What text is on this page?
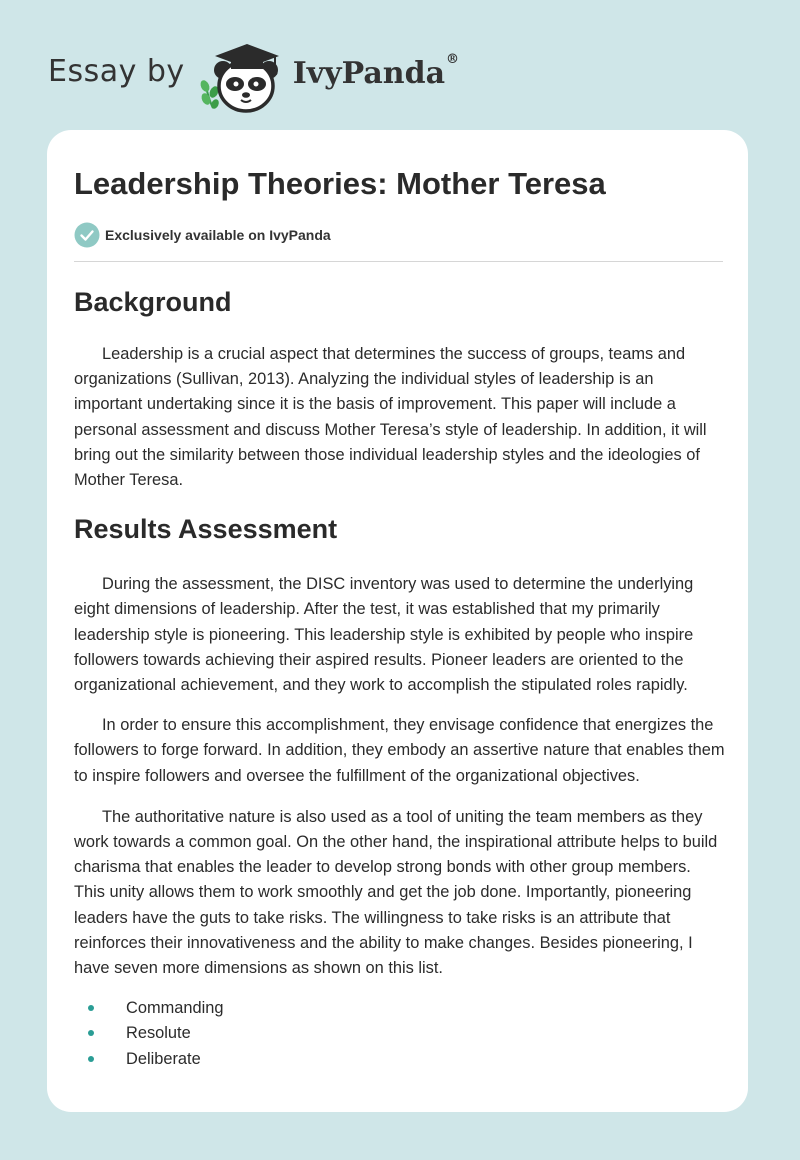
Essay by	IvyPanda®
Leadership Theories: Mother Teresa
Exclusively available on IvyPanda
Background

Leadership is a crucial aspect that determines the success of groups, teams and organizations (Sullivan, 2013). Analyzing the individual styles of leadership is an important undertaking since it is the basis of improvement. This paper will include a personal assessment and discuss Mother Teresa’s style of leadership. In addition, it will bring out the similarity between those individual leadership styles and the ideologies of Mother Teresa.

Results Assessment

During the assessment, the DISC inventory was used to determine the underlying eight dimensions of leadership. After the test, it was established that my primarily leadership style is pioneering. This leadership style is exhibited by people who inspire followers towards achieving their aspired results. Pioneer leaders are oriented to the organizational achievement, and they work to accomplish the stipulated roles rapidly.

In order to ensure this accomplishment, they envisage confidence that energizes the followers to forge forward. In addition, they embody an assertive nature that enables them to inspire followers and oversee the fulfillment of the organizational objectives.

The authoritative nature is also used as a tool of uniting the team members as they work towards a common goal. On the other hand, the inspirational attribute helps to build charisma that enables the leader to develop strong bonds with other group members. This unity allows them to work smoothly and get the job done. Importantly, pioneering leaders have the guts to take risks. The willingness to take risks is an attribute that reinforces their innovativeness and the ability to make changes. Besides pioneering, I have seven more dimensions as shown on this list.

Commanding
Resolute
Deliberate
